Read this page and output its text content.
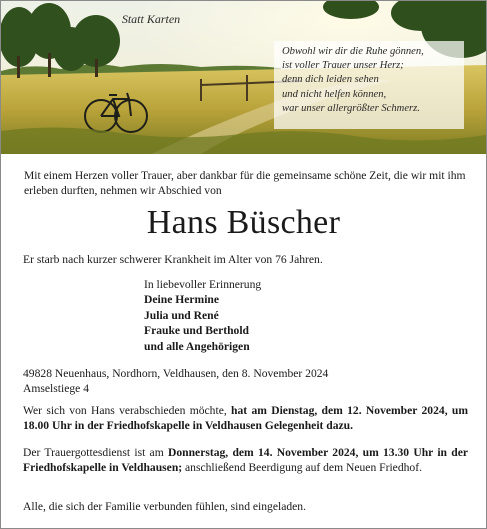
Statt Karten
Obwohl wir dir die Ruhe gönnen,
ist voller Trauer unser Herz;
denn dich leiden sehen
und nicht helfen können,
war unser allergrößter Schmerz.
Mit einem Herzen voller Trauer, aber dankbar für die gemeinsame schöne Zeit, die wir mit ihm erleben durften, nehmen wir Abschied von
Hans Büscher
Er starb nach kurzer schwerer Krankheit im Alter von 76 Jahren.
In liebevoller Erinnerung
Deine Hermine
Julia und René
Frauke und Berthold
und alle Angehörigen
49828 Neuenhaus, Nordhorn, Veldhausen, den 8. November 2024
Amselstiege 4
Wer sich von Hans verabschieden möchte, hat am Dienstag, dem 12. November 2024, um 18.00 Uhr in der Friedhofskapelle in Veldhausen Gelegenheit dazu.
Der Trauergottesdienst ist am Donnerstag, dem 14. November 2024, um 13.30 Uhr in der Friedhofskapelle in Veldhausen; anschließend Beerdigung auf dem Neuen Friedhof.
Alle, die sich der Familie verbunden fühlen, sind eingeladen.
